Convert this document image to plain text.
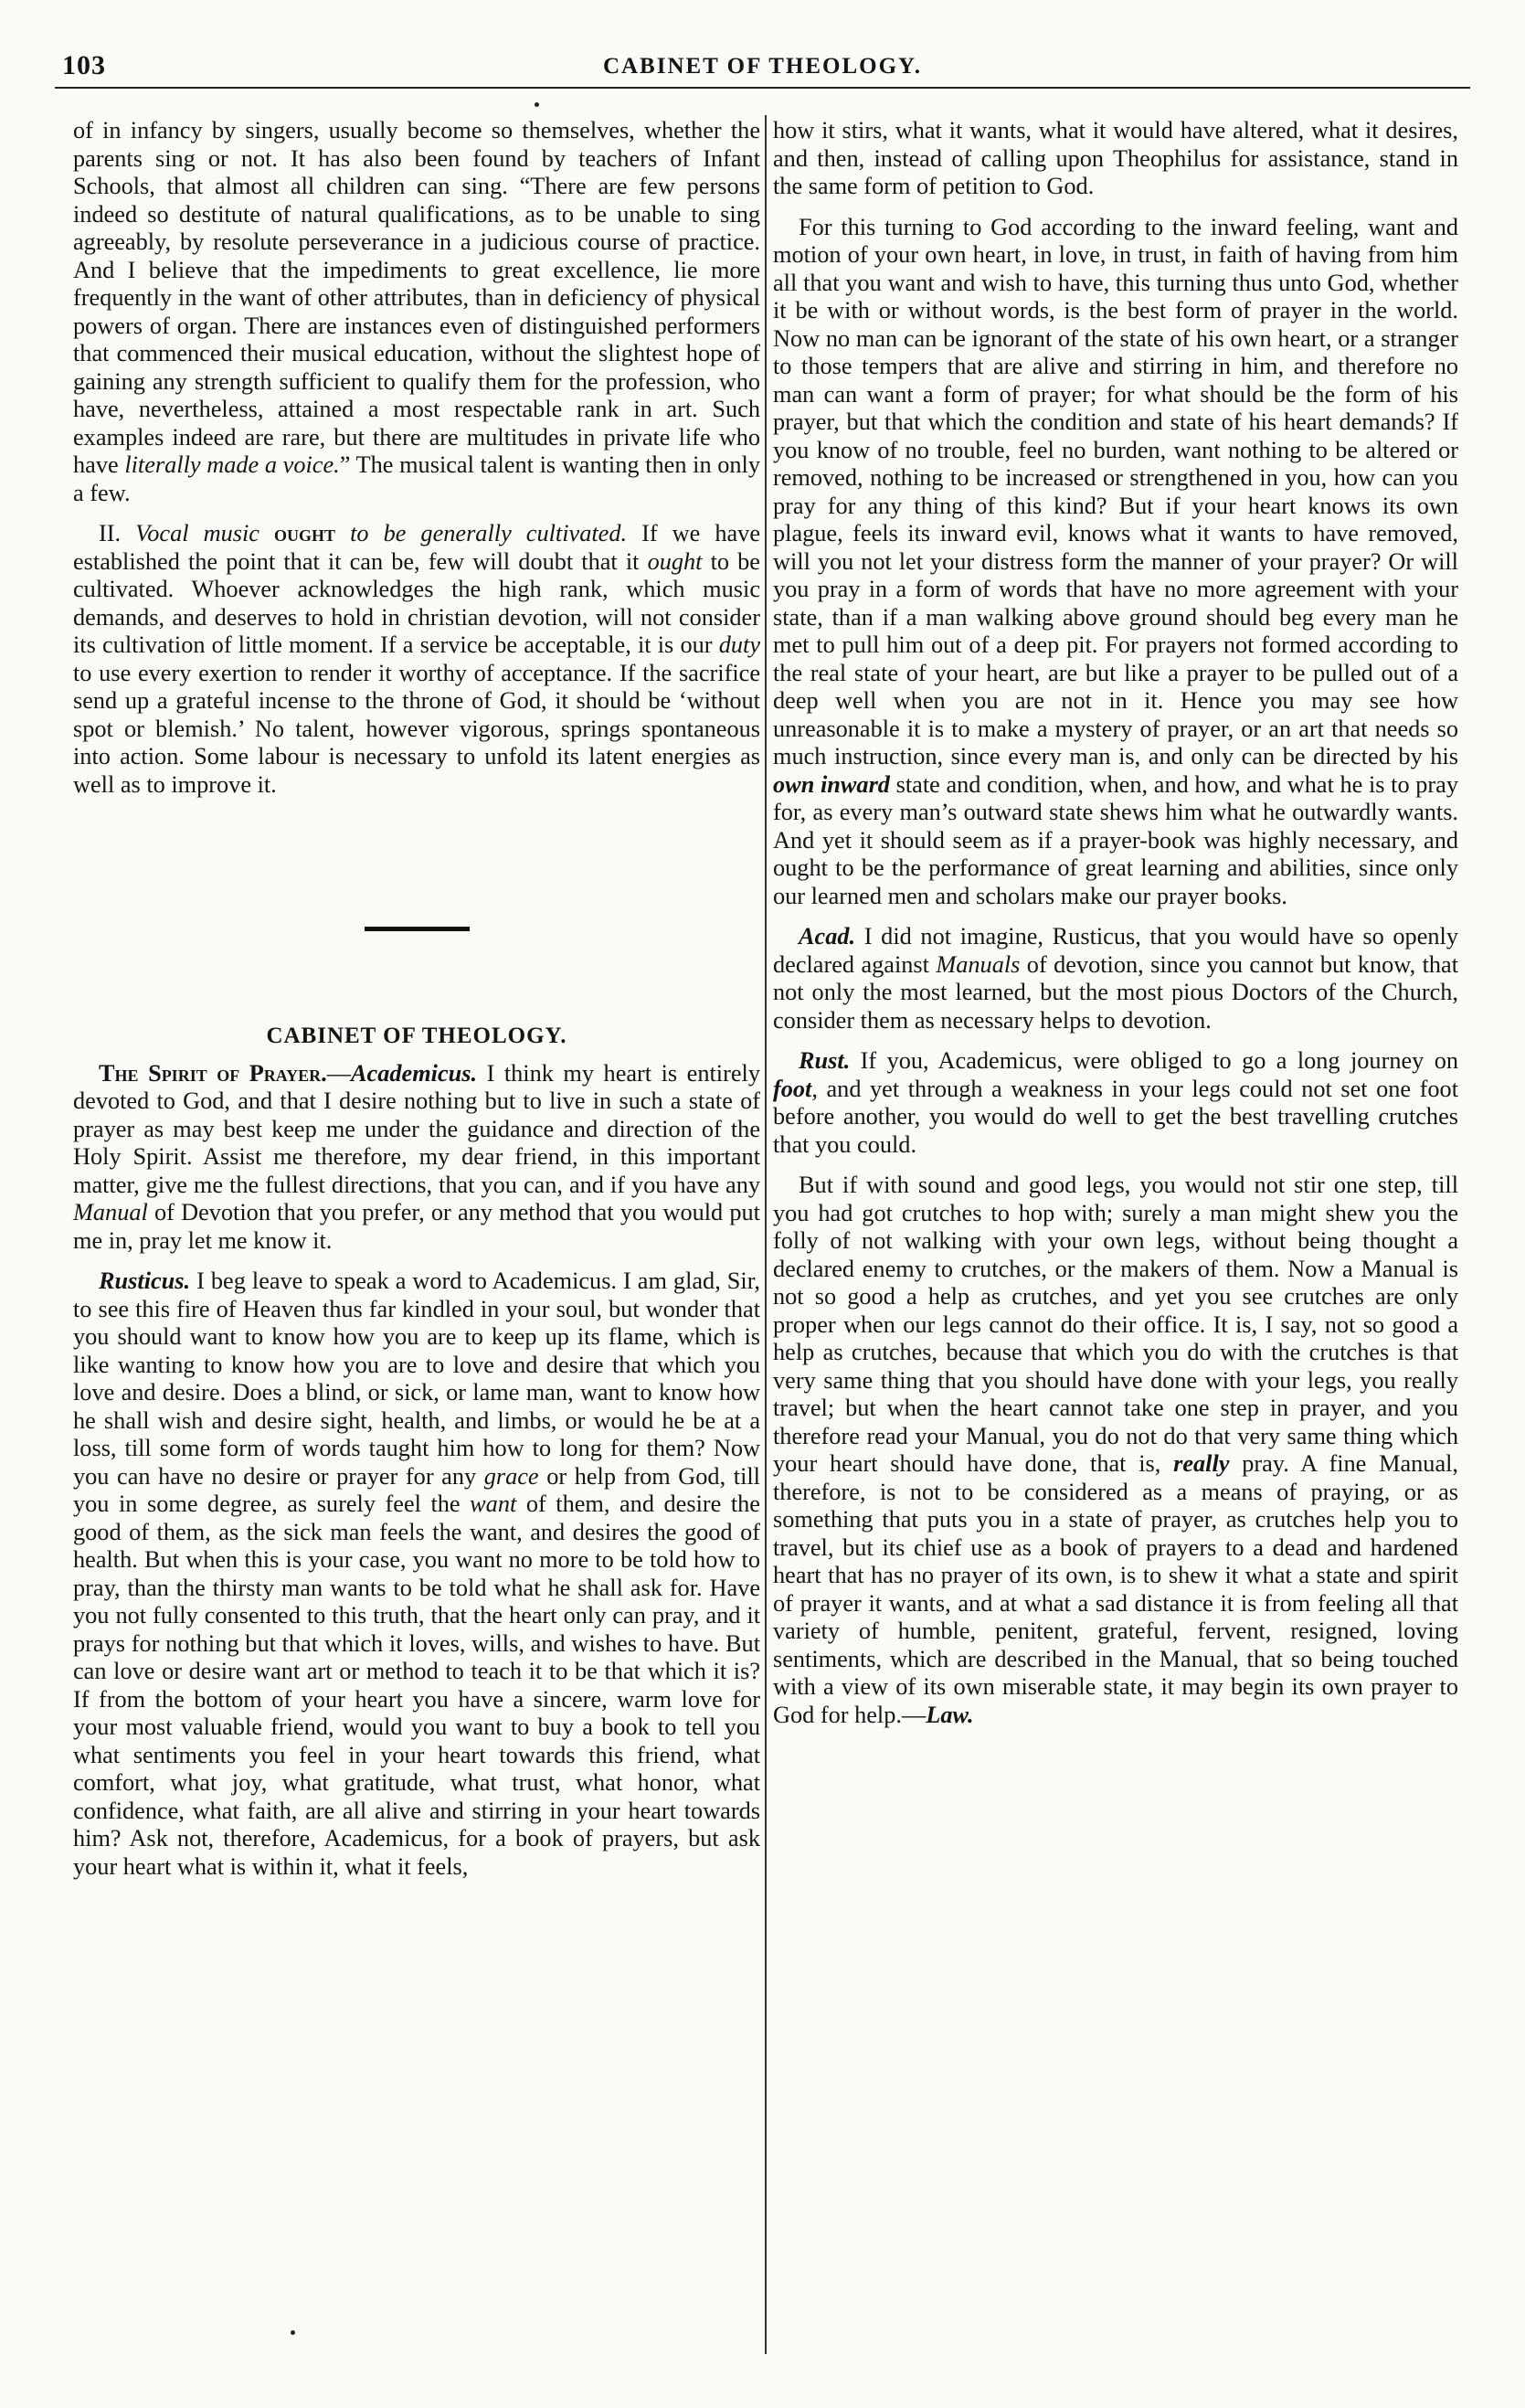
103	CABINET OF THEOLOGY.

of in infancy by singers, usually become so themselves, whether the parents sing or not. It has also been found by teachers of Infant Schools, that almost all children can sing. “There are few persons indeed so destitute of natural qualifications, as to be unable to sing agreeably, by resolute perseverance in a judicious course of practice. And I believe that the impediments to great excellence, lie more frequently in the want of other attributes, than in deficiency of physical powers of organ. There are instances even of distinguished performers that commenced their musical education, without the slightest hope of gaining any strength sufficient to qualify them for the profession, who have, nevertheless, attained a most respectable rank in art. Such examples indeed are rare, but there are multitudes in private life who have literally made a voice.” The musical talent is wanting then in only a few.

II. Vocal music ought to be generally cultivated. If we have established the point that it can be, few will doubt that it ought to be cultivated. Whoever acknowledges the high rank, which music demands, and deserves to hold in christian devotion, will not consider its cultivation of little moment. If a service be acceptable, it is our duty to use every exertion to render it worthy of acceptance. If the sacrifice send up a grateful incense to the throne of God, it should be ‘without spot or blemish.’ No talent, however vigorous, springs spontaneous into action. Some labour is necessary to unfold its latent energies as well as to improve it.

CABINET OF THEOLOGY.

The Spirit of Prayer.—Academicus. I think my heart is entirely devoted to God, and that I desire nothing but to live in such a state of prayer as may best keep me under the guidance and direction of the Holy Spirit. Assist me therefore, my dear friend, in this important matter, give me the fullest directions, that you can, and if you have any Manual of Devotion that you prefer, or any method that you would put me in, pray let me know it.

Rusticus. I beg leave to speak a word to Academicus. I am glad, Sir, to see this fire of Heaven thus far kindled in your soul, but wonder that you should want to know how you are to keep up its flame, which is like wanting to know how you are to love and desire that which you love and desire. Does a blind, or sick, or lame man, want to know how he shall wish and desire sight, health, and limbs, or would he be at a loss, till some form of words taught him how to long for them? Now you can have no desire or prayer for any grace or help from God, till you in some degree, as surely feel the want of them, and desire the good of them, as the sick man feels the want, and desires the good of health. But when this is your case, you want no more to be told how to pray, than the thirsty man wants to be told what he shall ask for. Have you not fully consented to this truth, that the heart only can pray, and it prays for nothing but that which it loves, wills, and wishes to have. But can love or desire want art or method to teach it to be that which it is? If from the bottom of your heart you have a sincere, warm love for your most valuable friend, would you want to buy a book to tell you what sentiments you feel in your heart towards this friend, what comfort, what joy, what gratitude, what trust, what honor, what confidence, what faith, are all alive and stirring in your heart towards him? Ask not, therefore, Academicus, for a book of prayers, but ask your heart what is within it, what it feels,

how it stirs, what it wants, what it would have altered, what it desires, and then, instead of calling upon Theophilus for assistance, stand in the same form of petition to God.

For this turning to God according to the inward feeling, want and motion of your own heart, in love, in trust, in faith of having from him all that you want and wish to have, this turning thus unto God, whether it be with or without words, is the best form of prayer in the world. Now no man can be ignorant of the state of his own heart, or a stranger to those tempers that are alive and stirring in him, and therefore no man can want a form of prayer; for what should be the form of his prayer, but that which the condition and state of his heart demands? If you know of no trouble, feel no burden, want nothing to be altered or removed, nothing to be increased or strengthened in you, how can you pray for any thing of this kind? But if your heart knows its own plague, feels its inward evil, knows what it wants to have removed, will you not let your distress form the manner of your prayer? Or will you pray in a form of words that have no more agreement with your state, than if a man walking above ground should beg every man he met to pull him out of a deep pit. For prayers not formed according to the real state of your heart, are but like a prayer to be pulled out of a deep well when you are not in it. Hence you may see how unreasonable it is to make a mystery of prayer, or an art that needs so much instruction, since every man is, and only can be directed by his own inward state and condition, when, and how, and what he is to pray for, as every man’s outward state shews him what he outwardly wants. And yet it should seem as if a prayer-book was highly necessary, and ought to be the performance of great learning and abilities, since only our learned men and scholars make our prayer books.

Acad. I did not imagine, Rusticus, that you would have so openly declared against Manuals of devotion, since you cannot but know, that not only the most learned, but the most pious Doctors of the Church, consider them as necessary helps to devotion.

Rust. If you, Academicus, were obliged to go a long journey on foot, and yet through a weakness in your legs could not set one foot before another, you would do well to get the best travelling crutches that you could.

But if with sound and good legs, you would not stir one step, till you had got crutches to hop with; surely a man might shew you the folly of not walking with your own legs, without being thought a declared enemy to crutches, or the makers of them. Now a Manual is not so good a help as crutches, and yet you see crutches are only proper when our legs cannot do their office. It is, I say, not so good a help as crutches, because that which you do with the crutches is that very same thing that you should have done with your legs, you really travel; but when the heart cannot take one step in prayer, and you therefore read your Manual, you do not do that very same thing which your heart should have done, that is, really pray. A fine Manual, therefore, is not to be considered as a means of praying, or as something that puts you in a state of prayer, as crutches help you to travel, but its chief use as a book of prayers to a dead and hardened heart that has no prayer of its own, is to shew it what a state and spirit of prayer it wants, and at what a sad distance it is from feeling all that variety of humble, penitent, grateful, fervent, resigned, loving sentiments, which are described in the Manual, that so being touched with a view of its own miserable state, it may begin its own prayer to God for help.—Law.
